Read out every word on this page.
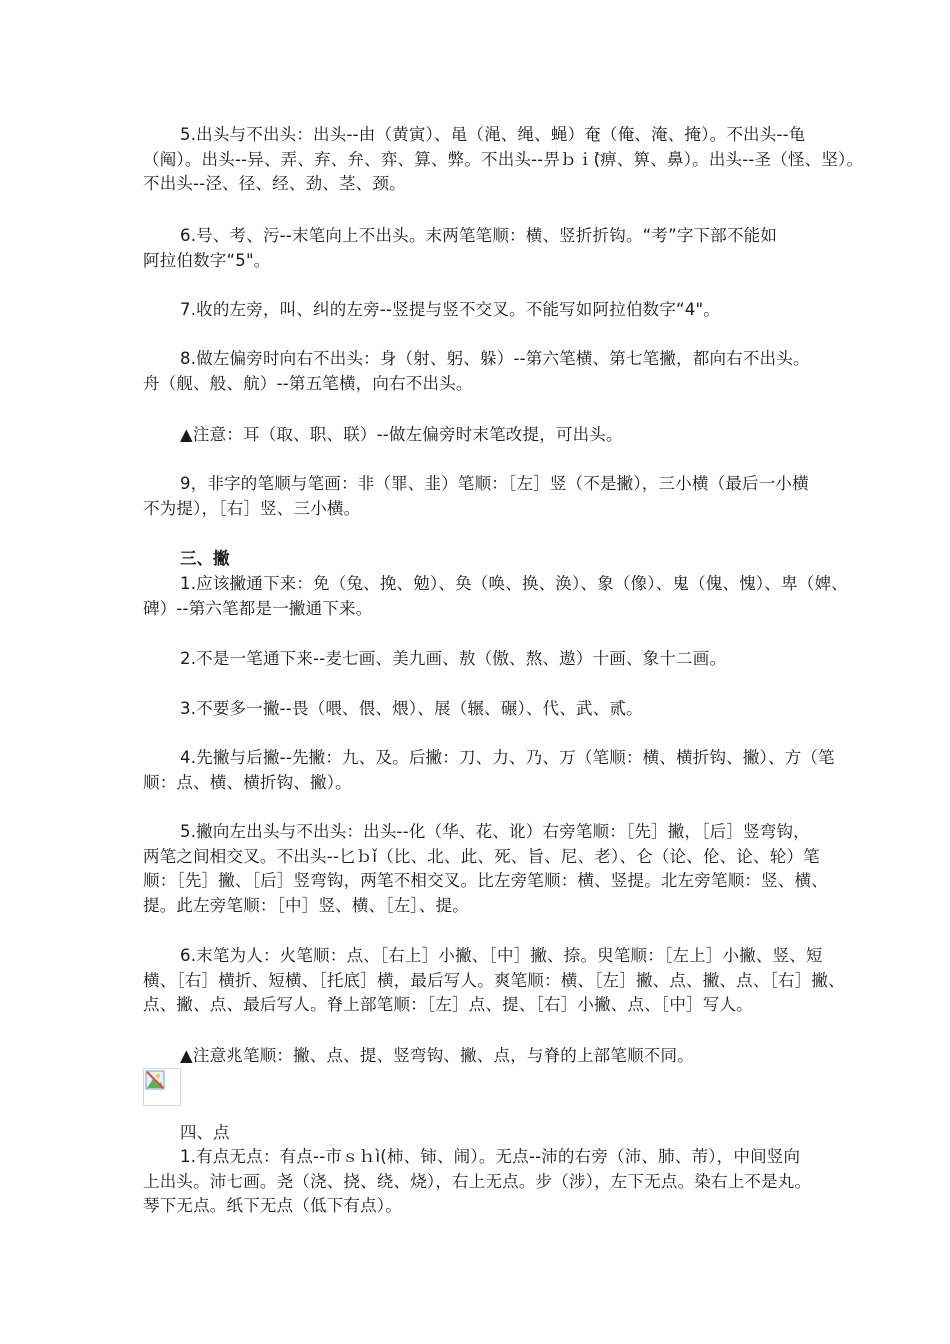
5.出头与不出头：出头--由（黄寅）、黾（渑、绳、蝇）奄（俺、淹、掩）。不出头--龟
（阄）。出头--异、弄、弃、弁、弈、算、弊。不出头--畀ｂｉ̀(痹、箅、鼻）。出头--圣（怪、坚）。
不出头--泾、径、经、劲、茎、颈。
6.号、考、污--末笔向上不出头。末两笔笔顺：横、竖折折钩。“考”字下部不能如
阿拉伯数字“5"。
7.收的左旁，叫、纠的左旁--竖提与竖不交叉。不能写如阿拉伯数字“4"。
8.做左偏旁时向右不出头：身（射、躬、躲）--第六笔横、第七笔撇，都向右不出头。
舟（舰、般、航）--第五笔横，向右不出头。
▲注意：耳（取、职、联）--做左偏旁时末笔改提，可出头。
9，非字的笔顺与笔画：非（罪、韭）笔顺：［左］竖（不是撇），三小横（最后一小横
不为提），［右］竖、三小横。
三、撇
1.应该撇通下来：免（兔、挽、勉）、奂（唤、换、涣）、象（像）、鬼（傀、愧）、卑（婢、
碑）--第六笔都是一撇通下来。
2.不是一笔通下来--麦七画、美九画、敖（傲、熬、遨）十画、象十二画。
3.不要多一撇--畏（喂、偎、煨）、展（辗、碾）、代、武、贰。
4.先撇与后撇--先撇：九、及。后撇：刀、力、乃、万（笔顺：横、横折钩、撇）、方（笔
顺：点、横、横折钩、撇）。
5.撇向左出头与不出头：出头--化（华、花、讹）右旁笔顺：［先］撇，［后］竖弯钩，
两笔之间相交叉。不出头--匕ｂǐ（比、北、此、死、旨、尼、老）、仑（论、伦、论、轮）笔
顺：［先］撇、［后］竖弯钩，两笔不相交叉。比左旁笔顺：横、竖提。北左旁笔顺：竖、横、
提。此左旁笔顺：［中］竖、横、［左］、提。
6.末笔为人：火笔顺：点、［右上］小撇、［中］撇、捺。臾笔顺：［左上］小撇、竖、短
横、［右］横折、短横、［托底］横，最后写人。爽笔顺：横、［左］撇、点、撇、点、［右］撇、
点、撇、点、最后写人。脊上部笔顺：［左］点、提、［右］小撇、点、［中］写人。
▲注意兆笔顺：撇、点、提、竖弯钩、撇、点，与脊的上部笔顺不同。
四、点
1.有点无点：有点--市ｓｈì(柿、铈、闹）。无点--沛的右旁（沛、肺、芾），中间竖向
上出头。沛七画。尧（浇、挠、绕、烧），右上无点。步（涉），左下无点。染右上不是丸。
琴下无点。纸下无点（低下有点）。
